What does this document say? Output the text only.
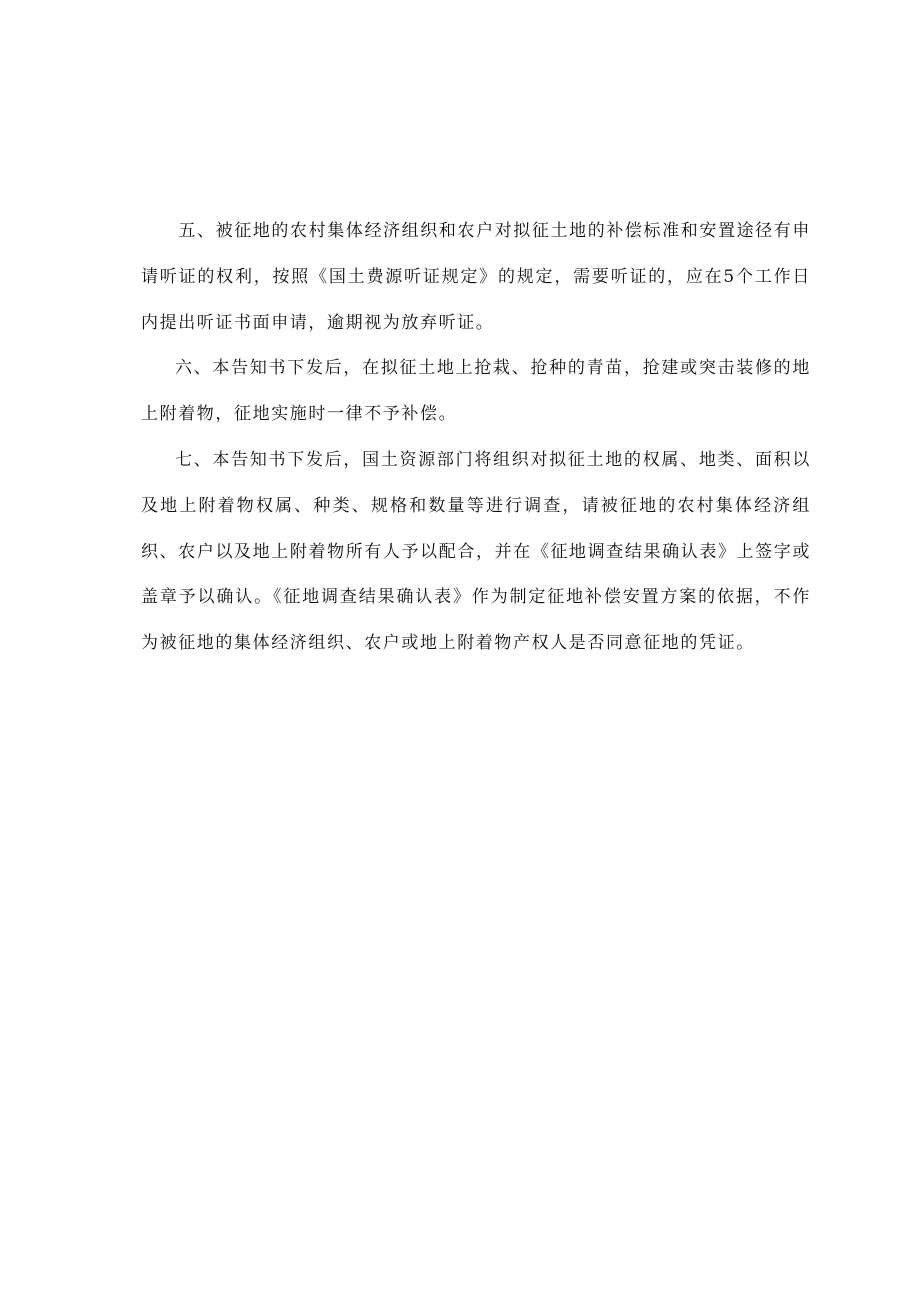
五、被征地的农村集体经济组织和农户对拟征土地的补偿标准和安置途径有申请听证的权利，按照《国土费源听证规定》的规定，需要听证的，应在5个工作日内提出听证书面申请，逾期视为放弃听证。

六、本告知书下发后，在拟征土地上抢栽、抢种的青苗，抢建或突击装修的地上附着物，征地实施时一律不予补偿。

七、本告知书下发后，国土资源部门将组织对拟征土地的权属、地类、面积以及地上附着物权属、种类、规格和数量等进行调查，请被征地的农村集体经济组织、农户以及地上附着物所有人予以配合，并在《征地调查结果确认表》上签字或盖章予以确认。《征地调查结果确认表》作为制定征地补偿安置方案的依据，不作为被征地的集体经济组织、农户或地上附着物产权人是否同意征地的凭证。
